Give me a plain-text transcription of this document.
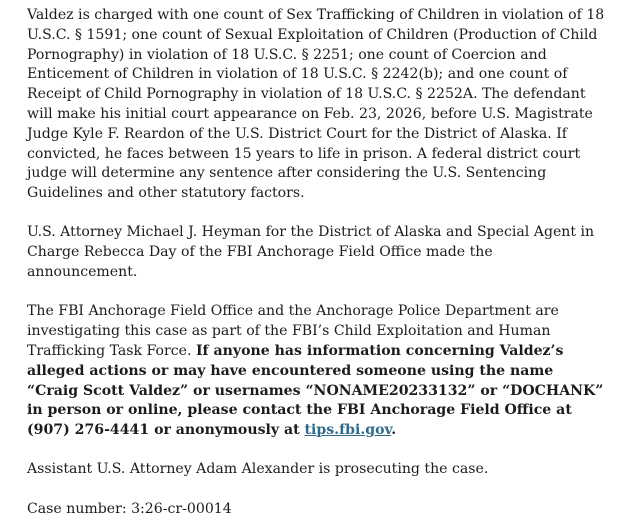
Valdez is charged with one count of Sex Trafficking of Children in violation of 18 U.S.C. § 1591; one count of Sexual Exploitation of Children (Production of Child Pornography) in violation of 18 U.S.C. § 2251; one count of Coercion and Enticement of Children in violation of 18 U.S.C. § 2242(b); and one count of Receipt of Child Pornography in violation of 18 U.S.C. § 2252A. The defendant will make his initial court appearance on Feb. 23, 2026, before U.S. Magistrate Judge Kyle F. Reardon of the U.S. District Court for the District of Alaska. If convicted, he faces between 15 years to life in prison. A federal district court judge will determine any sentence after considering the U.S. Sentencing Guidelines and other statutory factors.

U.S. Attorney Michael J. Heyman for the District of Alaska and Special Agent in Charge Rebecca Day of the FBI Anchorage Field Office made the announcement.

The FBI Anchorage Field Office and the Anchorage Police Department are investigating this case as part of the FBI’s Child Exploitation and Human Trafficking Task Force. If anyone has information concerning Valdez’s alleged actions or may have encountered someone using the name “Craig Scott Valdez” or usernames “NONAME20233132” or “DOCHANK” in person or online, please contact the FBI Anchorage Field Office at (907) 276-4441 or anonymously at tips.fbi.gov.

Assistant U.S. Attorney Adam Alexander is prosecuting the case.

Case number: 3:26-cr-00014
